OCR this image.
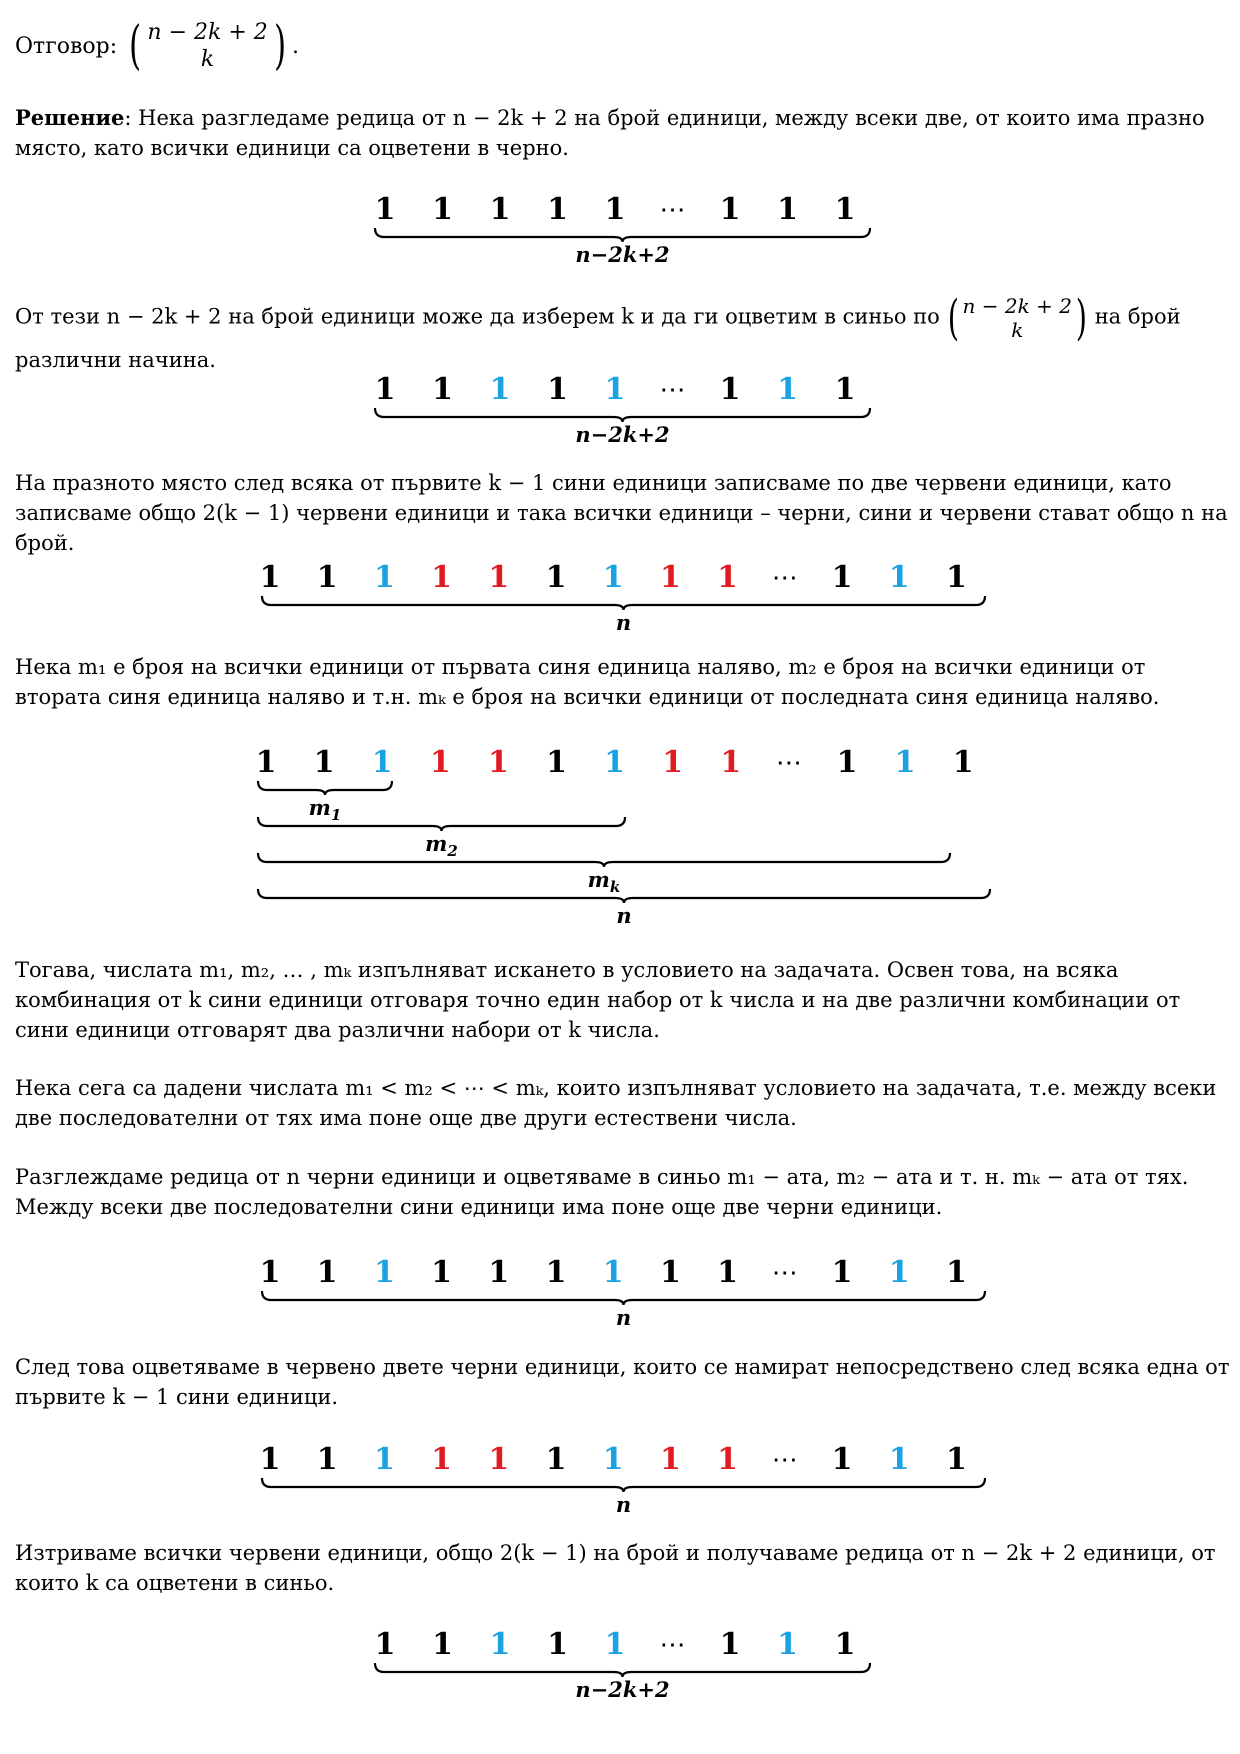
Отговор: ( n − 2k + 2
k ) .

Решение: Нека разгледаме редица от n − 2k + 2 на брой единици, между всеки две, от които има празно място, като всички единици са оцветени в черно.

1 1 1 1 1 ⋯ 1 1 1
n−2k+2

От тези n − 2k + 2 на брой единици може да изберем k и да ги оцветим в синьо по ( n − 2k + 2
k ) на брой различни начина.

1 1 1 1 1 ⋯ 1 1 1
n−2k+2

На празното място след всяка от първите k − 1 сини единици записваме по две червени единици, като записваме общо 2(k − 1) червени единици и така всички единици – черни, сини и червени стават общо n на брой.

1 1 1 1 1 1 1 1 1 ⋯ 1 1 1
n

Нека m₁ е броя на всички единици от първата синя единица наляво, m₂ е броя на всички единици от втората синя единица наляво и т.н. mₖ е броя на всички единици от последната синя единица наляво.

1 1 1 1 1 1 1 1 1 ⋯ 1 1 1
$m_1$
$m_2$
$m_k$
n

Тогава, числата m₁, m₂, … , mₖ изпълняват искането в условието на задачата. Освен това, на всяка комбинация от k сини единици отговаря точно един набор от k числа и на две различни комбинации от сини единици отговарят два различни набори от k числа.

Нека сега са дадени числата m₁ < m₂ < ⋯ < mₖ, които изпълняват условието на задачата, т.е. между всеки две последователни от тях има поне още две други естествени числа.

Разглеждаме редица от n черни единици и оцветяваме в синьо m₁ − ата, m₂ − ата и т. н. mₖ − ата от тях. Между всеки две последователни сини единици има поне още две черни единици.

1 1 1 1 1 1 1 1 1 ⋯ 1 1 1
n

След това оцветяваме в червено двете черни единици, които се намират непосредствено след всяка една от първите k − 1 сини единици.

1 1 1 1 1 1 1 1 1 ⋯ 1 1 1
n

Изтриваме всички червени единици, общо 2(k − 1) на брой и получаваме редица от n − 2k + 2 единици, от които k са оцветени в синьо.

1 1 1 1 1 ⋯ 1 1 1
n−2k+2
